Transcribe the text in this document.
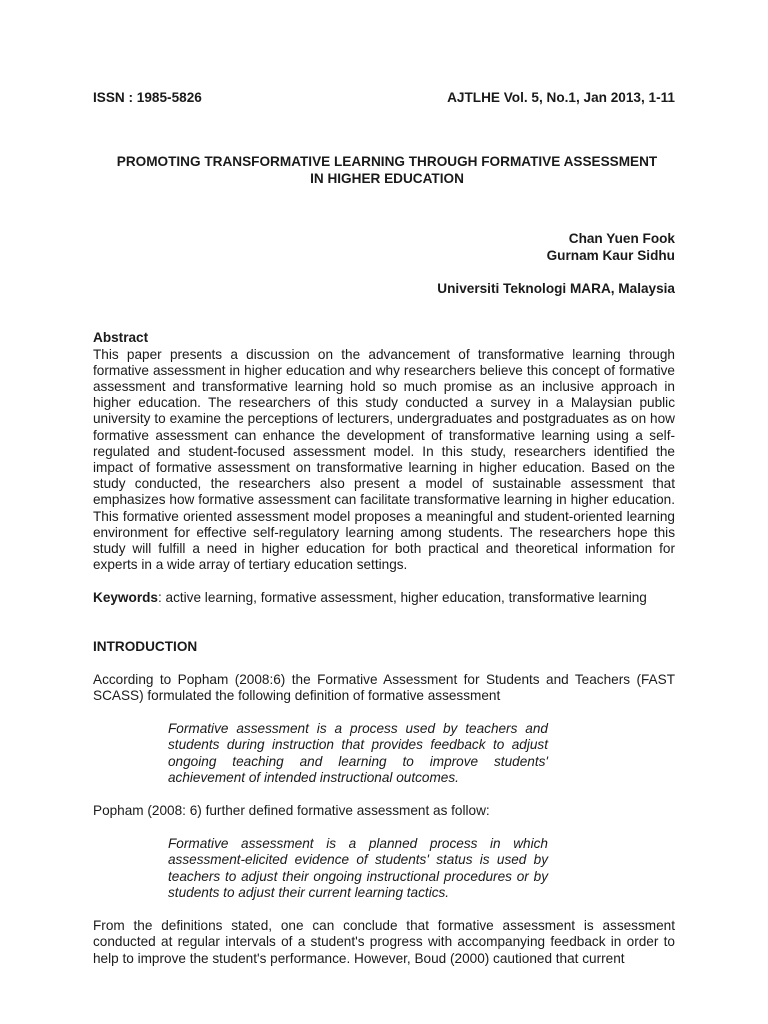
ISSN : 1985-5826	AJTLHE Vol. 5, No.1, Jan 2013, 1-11
PROMOTING TRANSFORMATIVE LEARNING THROUGH FORMATIVE ASSESSMENT
IN HIGHER EDUCATION
Chan Yuen Fook
Gurnam Kaur Sidhu
Universiti Teknologi MARA, Malaysia
Abstract
This paper presents a discussion on the advancement of transformative learning through formative assessment in higher education and why researchers believe this concept of formative assessment and transformative learning hold so much promise as an inclusive approach in higher education. The researchers of this study conducted a survey in a Malaysian public university to examine the perceptions of lecturers, undergraduates and postgraduates as on how formative assessment can enhance the development of transformative learning using a self-regulated and student-focused assessment model. In this study, researchers identified the impact of formative assessment on transformative learning in higher education. Based on the study conducted, the researchers also present a model of sustainable assessment that emphasizes how formative assessment can facilitate transformative learning in higher education. This formative oriented assessment model proposes a meaningful and student-oriented learning environment for effective self-regulatory learning among students. The researchers hope this study will fulfill a need in higher education for both practical and theoretical information for experts in a wide array of tertiary education settings.
Keywords: active learning, formative assessment, higher education, transformative learning
INTRODUCTION
According to Popham (2008:6) the Formative Assessment for Students and Teachers (FAST SCASS) formulated the following definition of formative assessment
Formative assessment is a process used by teachers and students during instruction that provides feedback to adjust ongoing teaching and learning to improve students' achievement of intended instructional outcomes.
Popham (2008: 6) further defined formative assessment as follow:
Formative assessment is a planned process in which assessment-elicited evidence of students' status is used by teachers to adjust their ongoing instructional procedures or by students to adjust their current learning tactics.
From the definitions stated, one can conclude that formative assessment is assessment conducted at regular intervals of a student's progress with accompanying feedback in order to help to improve the student's performance. However, Boud (2000) cautioned that current
